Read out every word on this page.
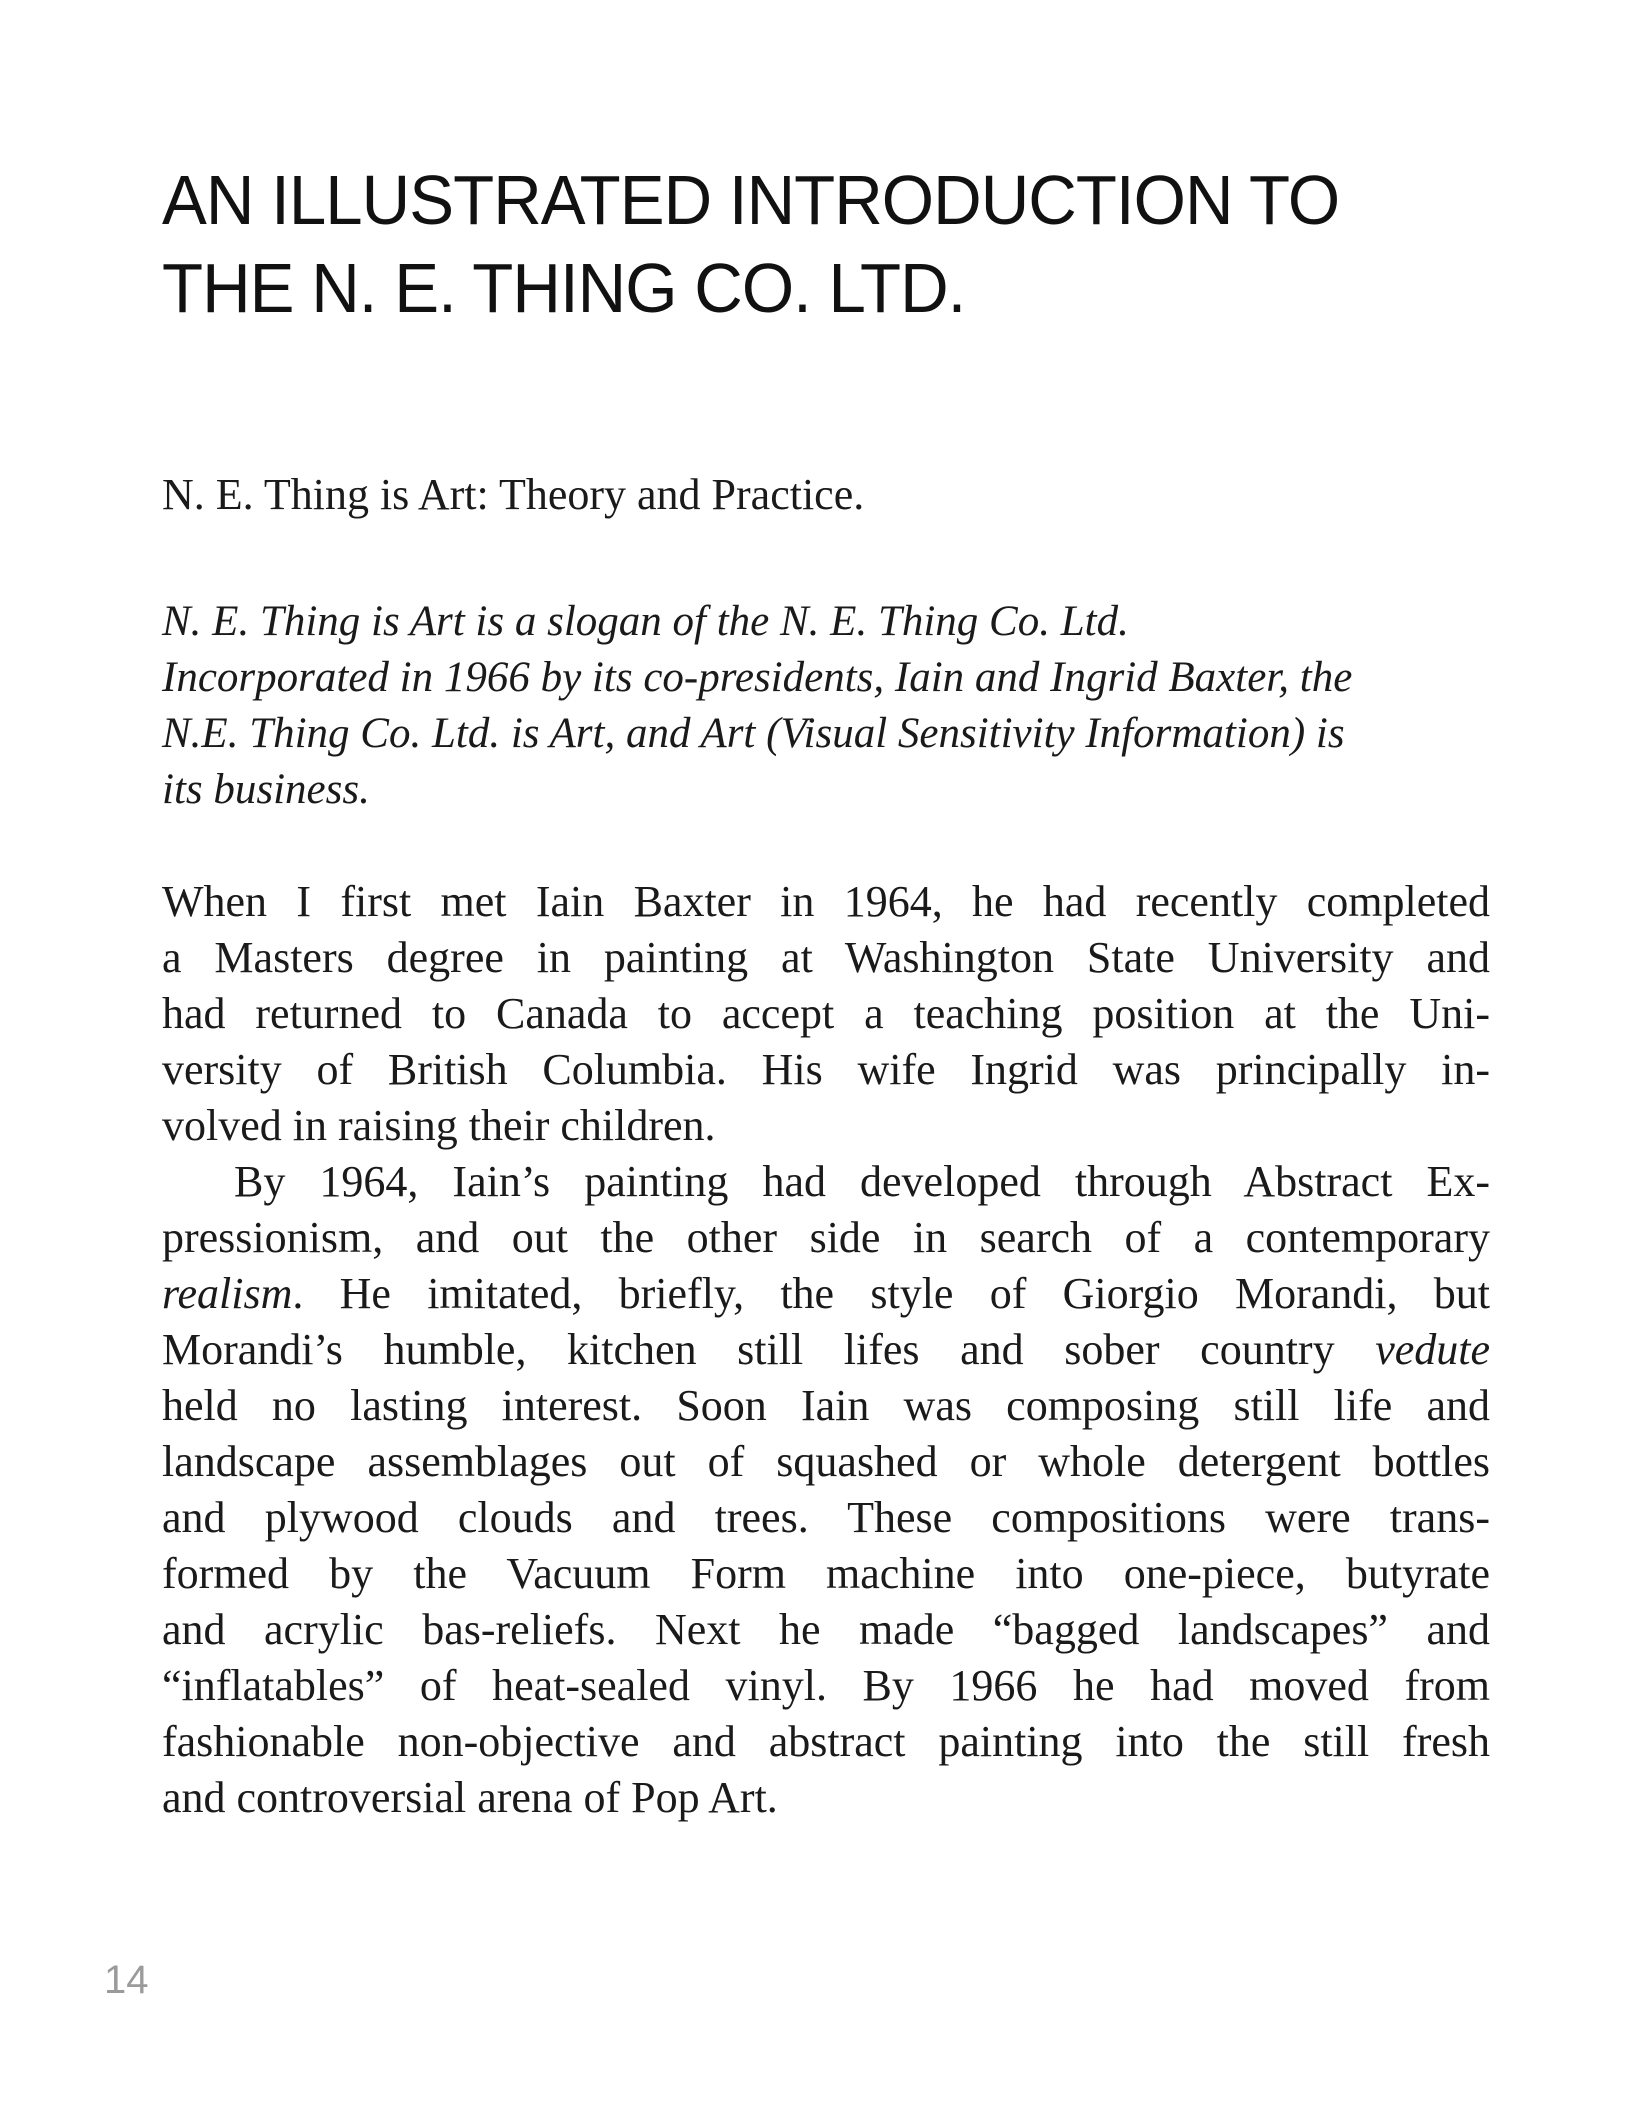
AN ILLUSTRATED INTRODUCTION TO
THE N. E. THING CO. LTD.
N. E. Thing is Art: Theory and Practice.
N. E. Thing is Art is a slogan of the N. E. Thing Co. Ltd.
Incorporated in 1966 by its co-presidents, Iain and Ingrid Baxter, the
N.E. Thing Co. Ltd. is Art, and Art (Visual Sensitivity Information) is
its business.
When I first met Iain Baxter in 1964, he had recently completed
a Masters degree in painting at Washington State University and
had returned to Canada to accept a teaching position at the Uni-
versity of British Columbia. His wife Ingrid was principally in-
volved in raising their children.
By 1964, Iain’s painting had developed through Abstract Ex-
pressionism, and out the other side in search of a contemporary
realism. He imitated, briefly, the style of Giorgio Morandi, but
Morandi’s humble, kitchen still lifes and sober country vedute
held no lasting interest. Soon Iain was composing still life and
landscape assemblages out of squashed or whole detergent bottles
and plywood clouds and trees. These compositions were trans-
formed by the Vacuum Form machine into one-piece, butyrate
and acrylic bas-reliefs. Next he made “bagged landscapes” and
“inflatables” of heat-sealed vinyl. By 1966 he had moved from
fashionable non-objective and abstract painting into the still fresh
and controversial arena of Pop Art.
14
